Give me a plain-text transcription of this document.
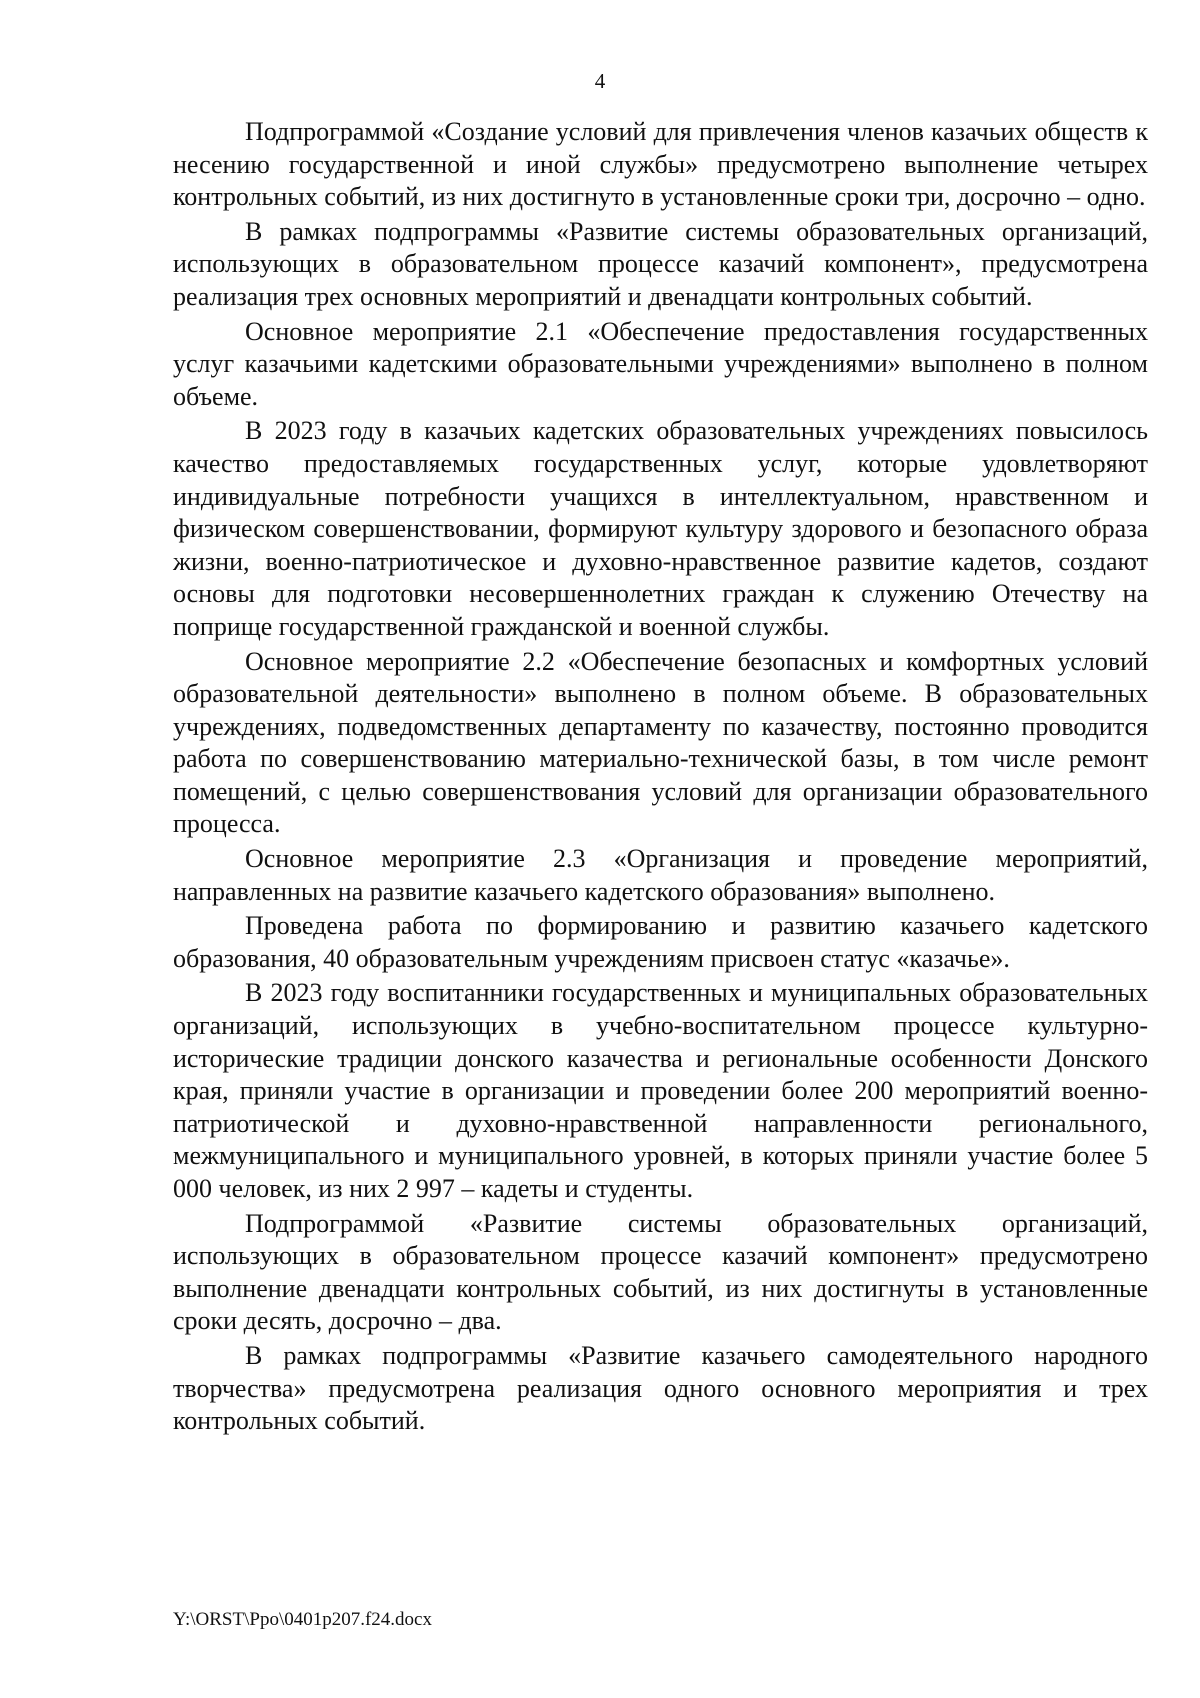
4

Подпрограммой «Создание условий для привлечения членов казачьих обществ к несению государственной и иной службы» предусмотрено выполнение четырех контрольных событий, из них достигнуто в установленные сроки три, досрочно – одно.

В рамках подпрограммы «Развитие системы образовательных организаций, использующих в образовательном процессе казачий компонент», предусмотрена реализация трех основных мероприятий и двенадцати контрольных событий.

Основное мероприятие 2.1 «Обеспечение предоставления государственных услуг казачьими кадетскими образовательными учреждениями» выполнено в полном объеме.

В 2023 году в казачьих кадетских образовательных учреждениях повысилось качество предоставляемых государственных услуг, которые удовлетворяют индивидуальные потребности учащихся в интеллектуальном, нравственном и физическом совершенствовании, формируют культуру здорового и безопасного образа жизни, военно-патриотическое и духовно-нравственное развитие кадетов, создают основы для подготовки несовершеннолетних граждан к служению Отечеству на поприще государственной гражданской и военной службы.

Основное мероприятие 2.2 «Обеспечение безопасных и комфортных условий образовательной деятельности» выполнено в полном объеме. В образовательных учреждениях, подведомственных департаменту по казачеству, постоянно проводится работа по совершенствованию материально-технической базы, в том числе ремонт помещений, с целью совершенствования условий для организации образовательного процесса.

Основное мероприятие 2.3 «Организация и проведение мероприятий, направленных на развитие казачьего кадетского образования» выполнено.

Проведена работа по формированию и развитию казачьего кадетского образования, 40 образовательным учреждениям присвоен статус «казачье».

В 2023 году воспитанники государственных и муниципальных образовательных организаций, использующих в учебно-воспитательном процессе культурно-исторические традиции донского казачества и региональные особенности Донского края, приняли участие в организации и проведении более 200 мероприятий военно-патриотической и духовно-нравственной направленности регионального, межмуниципального и муниципального уровней, в которых приняли участие более 5 000 человек, из них 2 997 – кадеты и студенты.

Подпрограммой «Развитие системы образовательных организаций, использующих в образовательном процессе казачий компонент» предусмотрено выполнение двенадцати контрольных событий, из них достигнуты в установленные сроки десять, досрочно – два.

В рамках подпрограммы «Развитие казачьего самодеятельного народного творчества» предусмотрена реализация одного основного мероприятия и трех контрольных событий.

Y:\ORST\Ppo\0401p207.f24.docx
